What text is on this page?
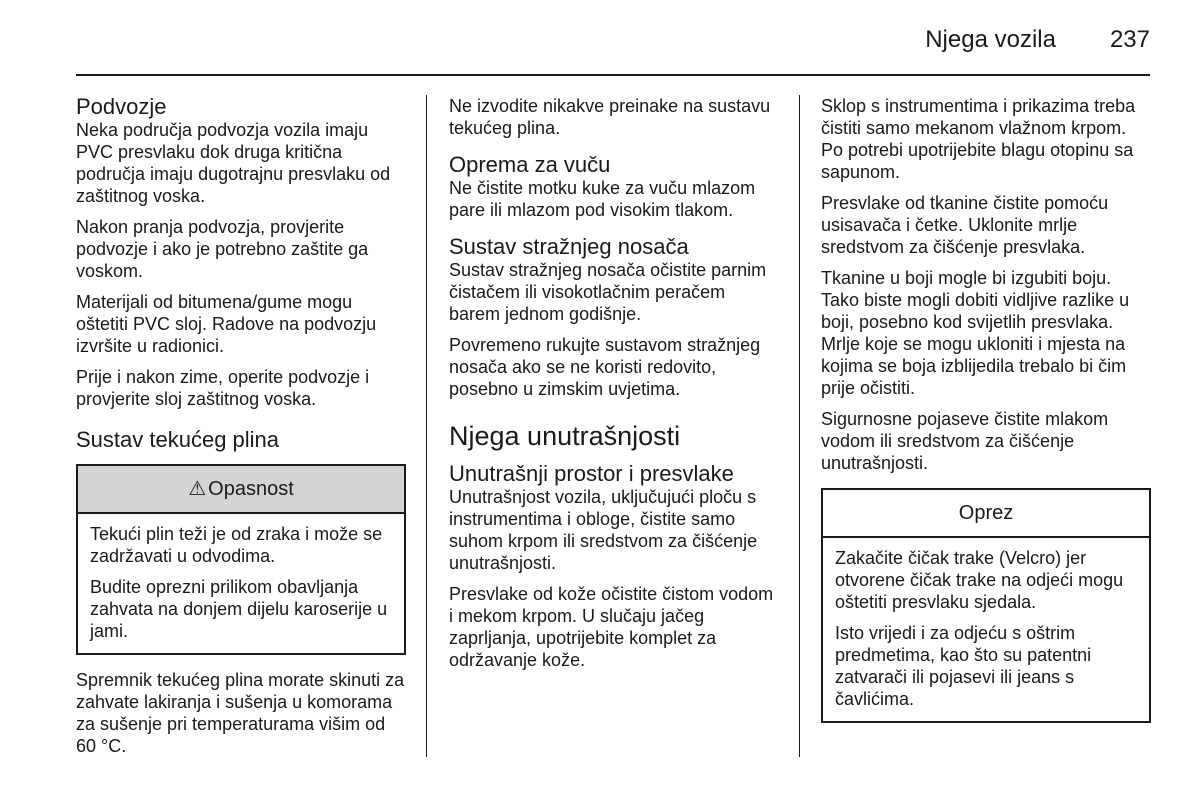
Njega vozila 237
Podvozje

Neka područja podvozja vozila imaju PVC presvlaku dok druga kritična područja imaju dugotrajnu presvlaku od zaštitnog voska.

Nakon pranja podvozja, provjerite podvozje i ako je potrebno zaštite ga voskom.

Materijali od bitumena/gume mogu oštetiti PVC sloj. Radove na podvozju izvršite u radionici.

Prije i nakon zime, operite podvozje i provjerite sloj zaštitnog voska.

Sustav tekućeg plina
⚠ Opasnost

Tekući plin teži je od zraka i može se zadržavati u odvodima.

Budite oprezni prilikom obavljanja zahvata na donjem dijelu karoserije u jami.

Spremnik tekućeg plina morate skinuti za zahvate lakiranja i sušenja u komorama za sušenje pri temperaturama višim od 60 °C.

Ne izvodite nikakve preinake na sustavu tekućeg plina.

Oprema za vuču

Ne čistite motku kuke za vuču mlazom pare ili mlazom pod visokim tlakom.

Sustav stražnjeg nosača

Sustav stražnjeg nosača očistite parnim čistačem ili visokotlačnim peračem barem jednom godišnje.

Povremeno rukujte sustavom stražnjeg nosača ako se ne koristi redovito, posebno u zimskim uvjetima.

Njega unutrašnjosti
Unutrašnji prostor i presvlake

Unutrašnjost vozila, uključujući ploču s instrumentima i obloge, čistite samo suhom krpom ili sredstvom za čišćenje unutrašnjosti.

Presvlake od kože očistite čistom vodom i mekom krpom. U slučaju jačeg zaprljanja, upotrijebite komplet za održavanje kože.

Sklop s instrumentima i prikazima treba čistiti samo mekanom vlažnom krpom. Po potrebi upotrijebite blagu otopinu sa sapunom.

Presvlake od tkanine čistite pomoću usisavača i četke. Uklonite mrlje sredstvom za čišćenje presvlaka.

Tkanine u boji mogle bi izgubiti boju. Tako biste mogli dobiti vidljive razlike u boji, posebno kod svijetlih presvlaka. Mrlje koje se mogu ukloniti i mjesta na kojima se boja izblijedila trebalo bi čim prije očistiti.

Sigurnosne pojaseve čistite mlakom vodom ili sredstvom za čišćenje unutrašnjosti.

Oprez

Zakačite čičak trake (Velcro) jer otvorene čičak trake na odjeći mogu oštetiti presvlaku sjedala.

Isto vrijedi i za odjeću s oštrim predmetima, kao što su patentni zatvarači ili pojasevi ili jeans s čavlićima.
